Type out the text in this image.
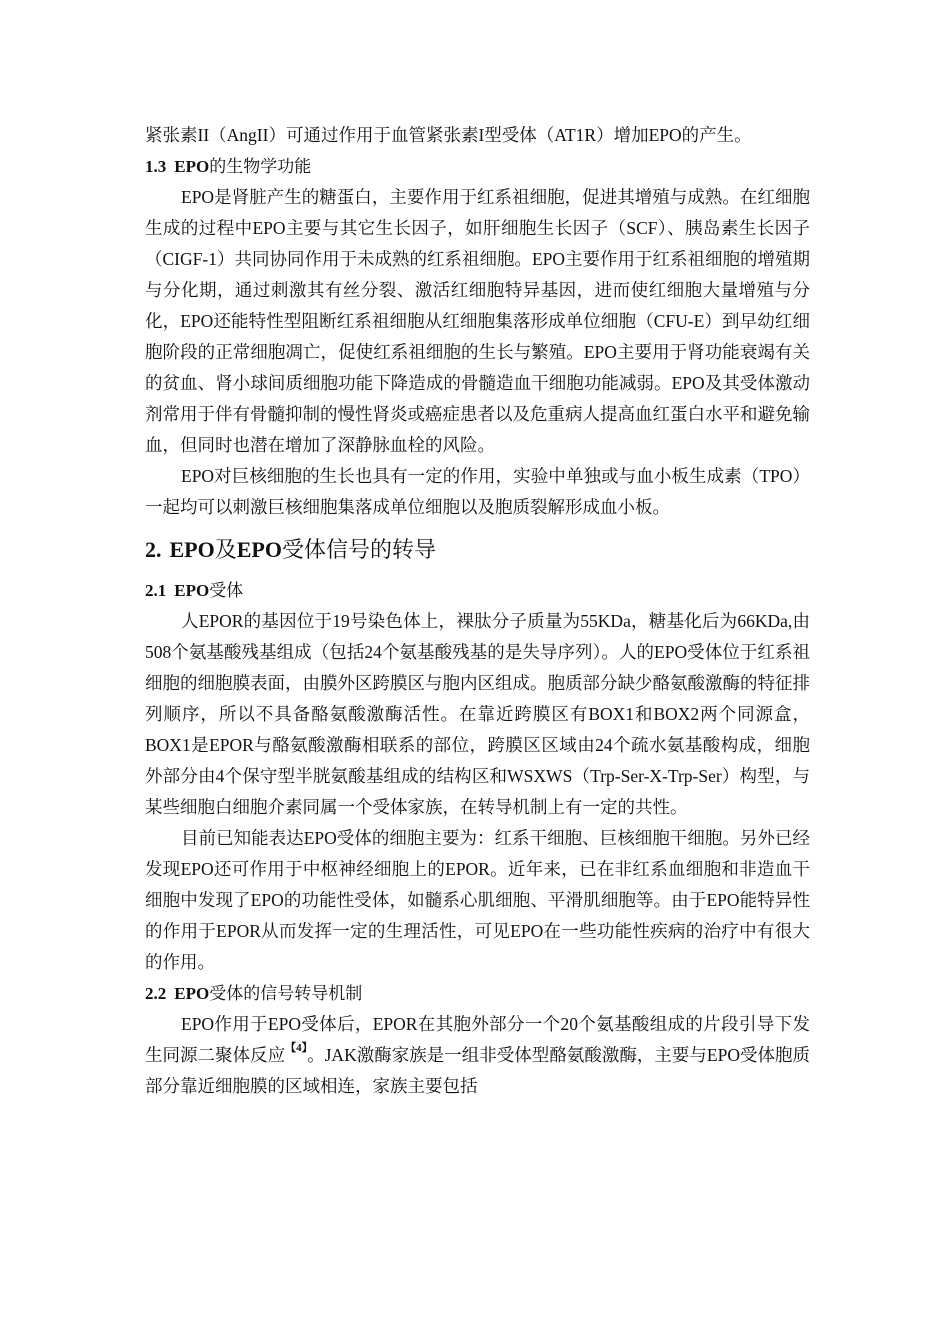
紧张素II（AngII）可通过作用于血管紧张素I型受体（AT1R）增加EPO的产生。

1.3 EPO的生物学功能

EPO是肾脏产生的糖蛋白，主要作用于红系祖细胞，促进其增殖与成熟。在红细胞生成的过程中EPO主要与其它生长因子，如肝细胞生长因子（SCF）、胰岛素生长因子（CIGF-1）共同协同作用于未成熟的红系祖细胞。EPO主要作用于红系祖细胞的增殖期与分化期，通过刺激其有丝分裂、激活红细胞特异基因，进而使红细胞大量增殖与分化，EPO还能特性型阻断红系祖细胞从红细胞集落形成单位细胞（CFU-E）到早幼红细胞阶段的正常细胞凋亡，促使红系祖细胞的生长与繁殖。EPO主要用于肾功能衰竭有关的贫血、肾小球间质细胞功能下降造成的骨髓造血干细胞功能减弱。EPO及其受体激动剂常用于伴有骨髓抑制的慢性肾炎或癌症患者以及危重病人提高血红蛋白水平和避免输血，但同时也潜在增加了深静脉血栓的风险。

EPO对巨核细胞的生长也具有一定的作用，实验中单独或与血小板生成素（TPO）一起均可以刺激巨核细胞集落成单位细胞以及胞质裂解形成血小板。

2. EPO及EPO受体信号的转导
2.1 EPO受体

人EPOR的基因位于19号染色体上，裸肽分子质量为55KDa，糖基化后为66KDa,由508个氨基酸残基组成（包括24个氨基酸残基的是失导序列）。人的EPO受体位于红系祖细胞的细胞膜表面，由膜外区跨膜区与胞内区组成。胞质部分缺少酪氨酸激酶的特征排列顺序，所以不具备酪氨酸激酶活性。在靠近跨膜区有BOX1和BOX2两个同源盒，BOX1是EPOR与酪氨酸激酶相联系的部位，跨膜区区域由24个疏水氨基酸构成，细胞外部分由4个保守型半胱氨酸基组成的结构区和WSXWS（Trp-Ser-X-Trp-Ser）构型，与某些细胞白细胞介素同属一个受体家族，在转导机制上有一定的共性。

目前已知能表达EPO受体的细胞主要为：红系干细胞、巨核细胞干细胞。另外已经发现EPO还可作用于中枢神经细胞上的EPOR。近年来，已在非红系血细胞和非造血干细胞中发现了EPO的功能性受体，如髓系心肌细胞、平滑肌细胞等。由于EPO能特异性的作用于EPOR从而发挥一定的生理活性，可见EPO在一些功能性疾病的治疗中有很大的作用。

2.2 EPO受体的信号转导机制

EPO作用于EPO受体后，EPOR在其胞外部分一个20个氨基酸组成的片段引导下发生同源二聚体反应$^{【4】}$。JAK激酶家族是一组非受体型酪氨酸激酶，主要与EPO受体胞质部分靠近细胞膜的区域相连，家族主要包括
